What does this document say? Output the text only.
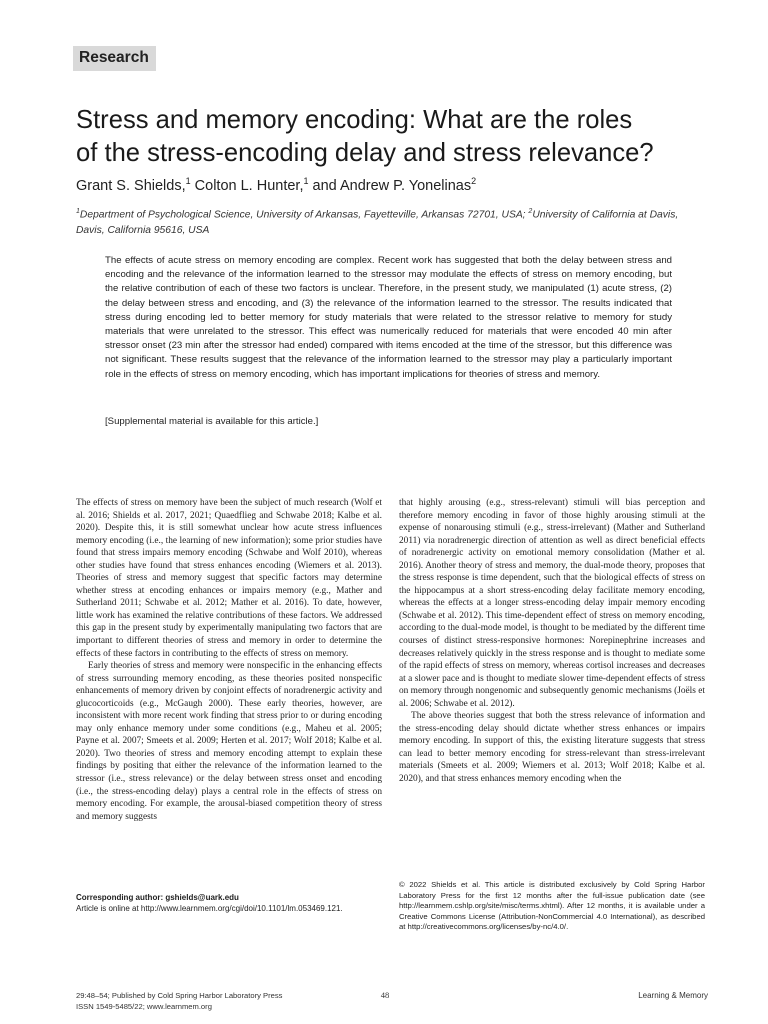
Research
Stress and memory encoding: What are the roles
of the stress-encoding delay and stress relevance?
Grant S. Shields,$^1$ Colton L. Hunter,$^1$ and Andrew P. Yonelinas$^2$
$^1$Department of Psychological Science, University of Arkansas, Fayetteville, Arkansas 72701, USA; $^2$University of California at Davis, Davis, California 95616, USA

The effects of acute stress on memory encoding are complex. Recent work has suggested that both the delay between stress and encoding and the relevance of the information learned to the stressor may modulate the effects of stress on memory encoding, but the relative contribution of each of these two factors is unclear. Therefore, in the present study, we manipulated (1) acute stress, (2) the delay between stress and encoding, and (3) the relevance of the information learned to the stressor. The results indicated that stress during encoding led to better memory for study materials that were related to the stressor relative to memory for study materials that were unrelated to the stressor. This effect was numerically reduced for materials that were encoded 40 min after stressor onset (23 min after the stressor had ended) compared with items encoded at the time of the stressor, but this difference was not significant. These results suggest that the relevance of the information learned to the stressor may play a particularly important role in the effects of stress on memory encoding, which has important implications for theories of stress and memory.

[Supplemental material is available for this article.]

The effects of stress on memory have been the subject of much research (Wolf et al. 2016; Shields et al. 2017, 2021; Quaedflieg and Schwabe 2018; Kalbe et al. 2020). Despite this, it is still somewhat unclear how acute stress influences memory encoding (i.e., the learning of new information); some prior studies have found that stress impairs memory encoding (Schwabe and Wolf 2010), whereas other studies have found that stress enhances encoding (Wiemers et al. 2013). Theories of stress and memory suggest that specific factors may determine whether stress at encoding enhances or impairs memory (e.g., Mather and Sutherland 2011; Schwabe et al. 2012; Mather et al. 2016). To date, however, little work has examined the relative contributions of these factors. We addressed this gap in the present study by experimentally manipulating two factors that are important to different theories of stress and memory in order to determine the effects of these factors in contributing to the effects of stress on memory.

Early theories of stress and memory were nonspecific in the enhancing effects of stress surrounding memory encoding, as these theories posited nonspecific enhancements of memory driven by conjoint effects of noradrenergic activity and glucocorticoids (e.g., McGaugh 2000). These early theories, however, are inconsistent with more recent work finding that stress prior to or during encoding may only enhance memory under some conditions (e.g., Maheu et al. 2005; Payne et al. 2007; Smeets et al. 2009; Herten et al. 2017; Wolf 2018; Kalbe et al. 2020). Two theories of stress and memory encoding attempt to explain these findings by positing that either the relevance of the information learned to the stressor (i.e., stress relevance) or the delay between stress onset and encoding (i.e., the stress-encoding delay) plays a central role in the effects of stress on memory encoding. For example, the arousal-biased competition theory of stress and memory suggests

that highly arousing (e.g., stress-relevant) stimuli will bias perception and therefore memory encoding in favor of those highly arousing stimuli at the expense of nonarousing stimuli (e.g., stress-irrelevant) (Mather and Sutherland 2011) via noradrenergic direction of attention as well as direct beneficial effects of noradrenergic activity on emotional memory consolidation (Mather et al. 2016). Another theory of stress and memory, the dual-mode theory, proposes that the stress response is time dependent, such that the biological effects of stress on the hippocampus at a short stress-encoding delay facilitate memory encoding, whereas the effects at a longer stress-encoding delay impair memory encoding (Schwabe et al. 2012). This time-dependent effect of stress on memory encoding, according to the dual-mode model, is thought to be mediated by the different time courses of distinct stress-responsive hormones: Norepinephrine increases and decreases relatively quickly in the stress response and is thought to mediate some of the rapid effects of stress on memory, whereas cortisol increases and decreases at a slower pace and is thought to mediate slower time-dependent effects of stress on memory through nongenomic and subsequently genomic mechanisms (Joëls et al. 2006; Schwabe et al. 2012).

The above theories suggest that both the stress relevance of information and the stress-encoding delay should dictate whether stress enhances or impairs memory encoding. In support of this, the existing literature suggests that stress can lead to better memory encoding for stress-relevant than stress-irrelevant materials (Smeets et al. 2009; Wiemers et al. 2013; Wolf 2018; Kalbe et al. 2020), and that stress enhances memory encoding when the

Corresponding author: gshields@uark.edu
Article is online at http://www.learnmem.org/cgi/doi/10.1101/lm.053469.121.
© 2022 Shields et al. This article is distributed exclusively by Cold Spring Harbor Laboratory Press for the first 12 months after the full-issue publication date (see http://learnmem.cshlp.org/site/misc/terms.xhtml). After 12 months, it is available under a Creative Commons License (Attribution-NonCommercial 4.0 International), as described at http://creativecommons.org/licenses/by-nc/4.0/.
29:48–54; Published by Cold Spring Harbor Laboratory Press
ISSN 1549-5485/22; www.learnmem.org
48	Learning & Memory
